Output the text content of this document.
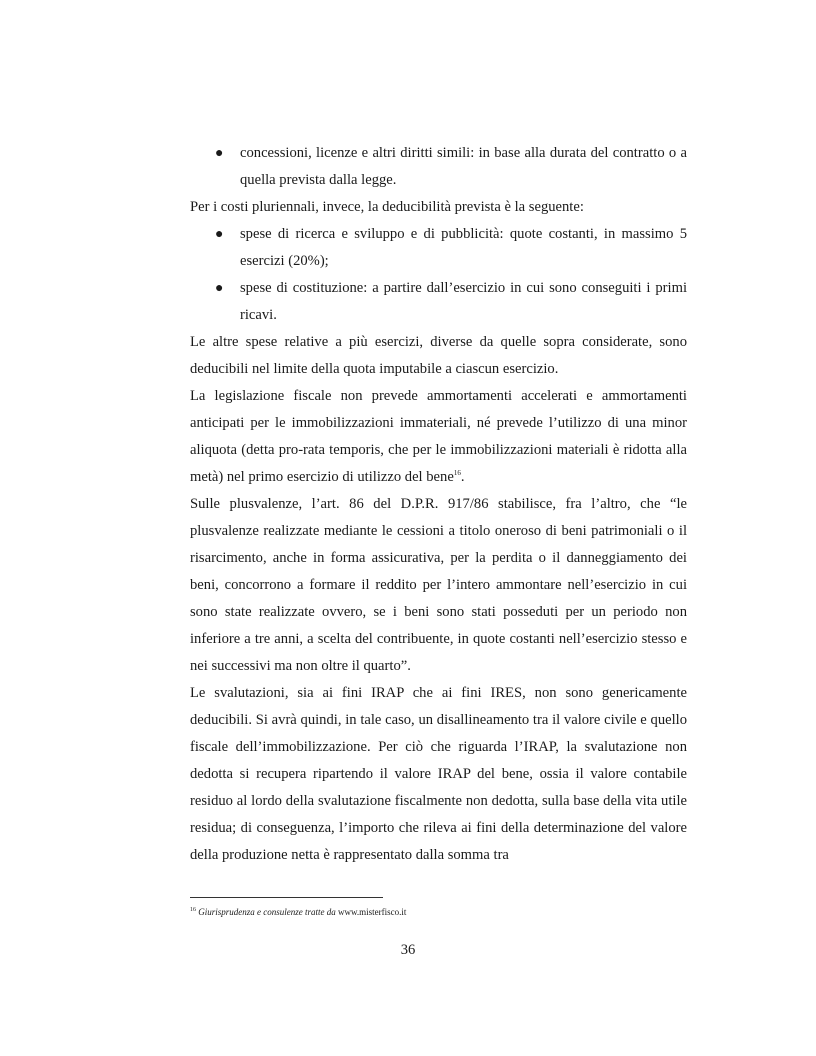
● concessioni, licenze e altri diritti simili: in base alla durata del contratto o a quella prevista dalla legge.

Per i costi pluriennali, invece, la deducibilità prevista è la seguente:

● spese di ricerca e sviluppo e di pubblicità: quote costanti, in massimo 5 esercizi (20%);
● spese di costituzione: a partire dall’esercizio in cui sono conseguiti i primi ricavi.

Le altre spese relative a più esercizi, diverse da quelle sopra considerate, sono deducibili nel limite della quota imputabile a ciascun esercizio.

La legislazione fiscale non prevede ammortamenti accelerati e ammortamenti anticipati per le immobilizzazioni immateriali, né prevede l’utilizzo di una minor aliquota (detta pro-rata temporis, che per le immobilizzazioni materiali è ridotta alla metà) nel primo esercizio di utilizzo del bene$^{16}$.

Sulle plusvalenze, l’art. 86 del D.P.R. 917/86 stabilisce, fra l’altro, che “le plusvalenze realizzate mediante le cessioni a titolo oneroso di beni patrimoniali o il risarcimento, anche in forma assicurativa, per la perdita o il danneggiamento dei beni, concorrono a formare il reddito per l’intero ammontare nell’esercizio in cui sono state realizzate ovvero, se i beni sono stati posseduti per un periodo non inferiore a tre anni, a scelta del contribuente, in quote costanti nell’esercizio stesso e nei successivi ma non oltre il quarto”.

Le svalutazioni, sia ai fini IRAP che ai fini IRES, non sono genericamente deducibili. Si avrà quindi, in tale caso, un disallineamento tra il valore civile e quello fiscale dell’immobilizzazione. Per ciò che riguarda l’IRAP, la svalutazione non dedotta si recupera ripartendo il valore IRAP del bene, ossia il valore contabile residuo al lordo della svalutazione fiscalmente non dedotta, sulla base della vita utile residua; di conseguenza, l’importo che rileva ai fini della determinazione del valore della produzione netta è rappresentato dalla somma tra

$^{16}$ Giurisprudenza e consulenze tratte da www.misterfisco.it
36
